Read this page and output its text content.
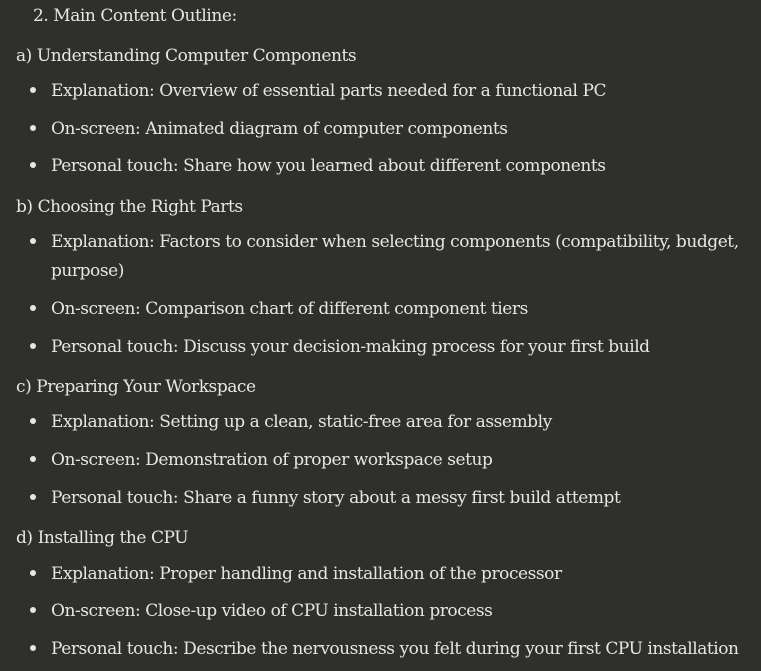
2. Main Content Outline:
a) Understanding Computer Components
Explanation: Overview of essential parts needed for a functional PC
On-screen: Animated diagram of computer components
Personal touch: Share how you learned about different components
b) Choosing the Right Parts
Explanation: Factors to consider when selecting components (compatibility, budget, purpose)
On-screen: Comparison chart of different component tiers
Personal touch: Discuss your decision-making process for your first build
c) Preparing Your Workspace
Explanation: Setting up a clean, static-free area for assembly
On-screen: Demonstration of proper workspace setup
Personal touch: Share a funny story about a messy first build attempt
d) Installing the CPU
Explanation: Proper handling and installation of the processor
On-screen: Close-up video of CPU installation process
Personal touch: Describe the nervousness you felt during your first CPU installation
